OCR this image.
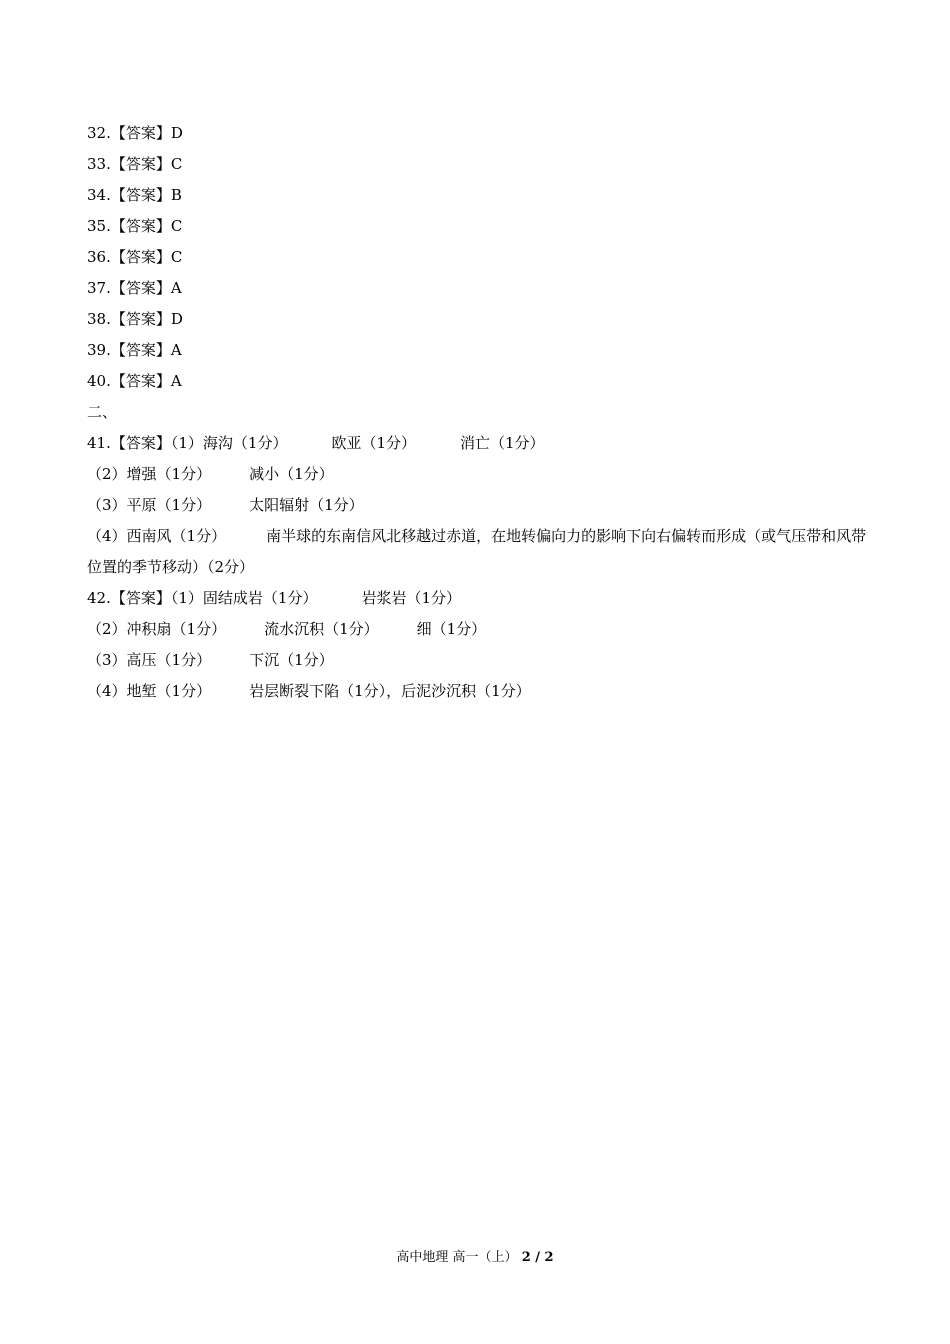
32.【答案】D
33.【答案】C
34.【答案】B
35.【答案】C
36.【答案】C
37.【答案】A
38.【答案】D
39.【答案】A
40.【答案】A
二、
41.【答案】（1）海沟（1分）	欧亚（1分）	消亡（1分）
（2）增强（1分）	减小（1分）
（3）平原（1分）	太阳辐射（1分）
（4）西南风（1分）	南半球的东南信风北移越过赤道，在地转偏向力的影响下向右偏转而形成（或气压带和风带位置的季节移动）（2分）
42.【答案】（1）固结成岩（1分）	岩浆岩（1分）
（2）冲积扇（1分）	流水沉积（1分）	细（1分）
（3）高压（1分）	下沉（1分）
（4）地堑（1分）	岩层断裂下陷（1分），后泥沙沉积（1分）
高中地理 高一（上） 2 / 2
